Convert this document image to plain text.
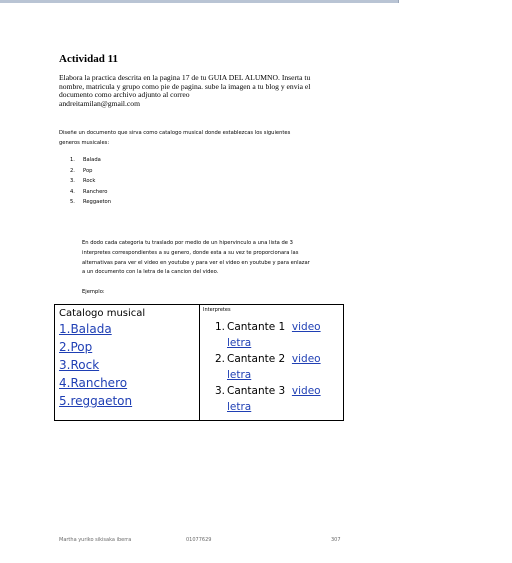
Actividad 11
Elabora la practica descrita en la pagina 17 de tu GUIA DEL ALUMNO. Inserta tu
nombre, matricula y grupo como pie de pagina. sube la imagen a tu blog y envia el
documento como archivo adjunto al correo
andreitamilan@gmail.com
Diseñe un documento que sirva como catalogo musical donde establezcas los siguientes
generos musicales:
1. Balada
2. Pop
3. Rock
4. Ranchero
5. Reggaeton
En dodo cada categoria tu traslado por medio de un hipervinculo a una lista de 3
interpretes correspondientes a su genero, donde esta a su vez te proporcionara las
alternativas para ver el video en youtube y para ver el video en youtube y para enlazar
a un documento con la letra de la cancion del video.
Ejemplo:
Catalogo musical
1.Balada
2.Pop
3.Rock
4.Ranchero
5.reggaeton
Interpretes
1. Cantante 1 video
letra
2. Cantante 2 video
letra
3. Cantante 3 video
letra
Martha yuriko sikisaka iberra	01077629	307
